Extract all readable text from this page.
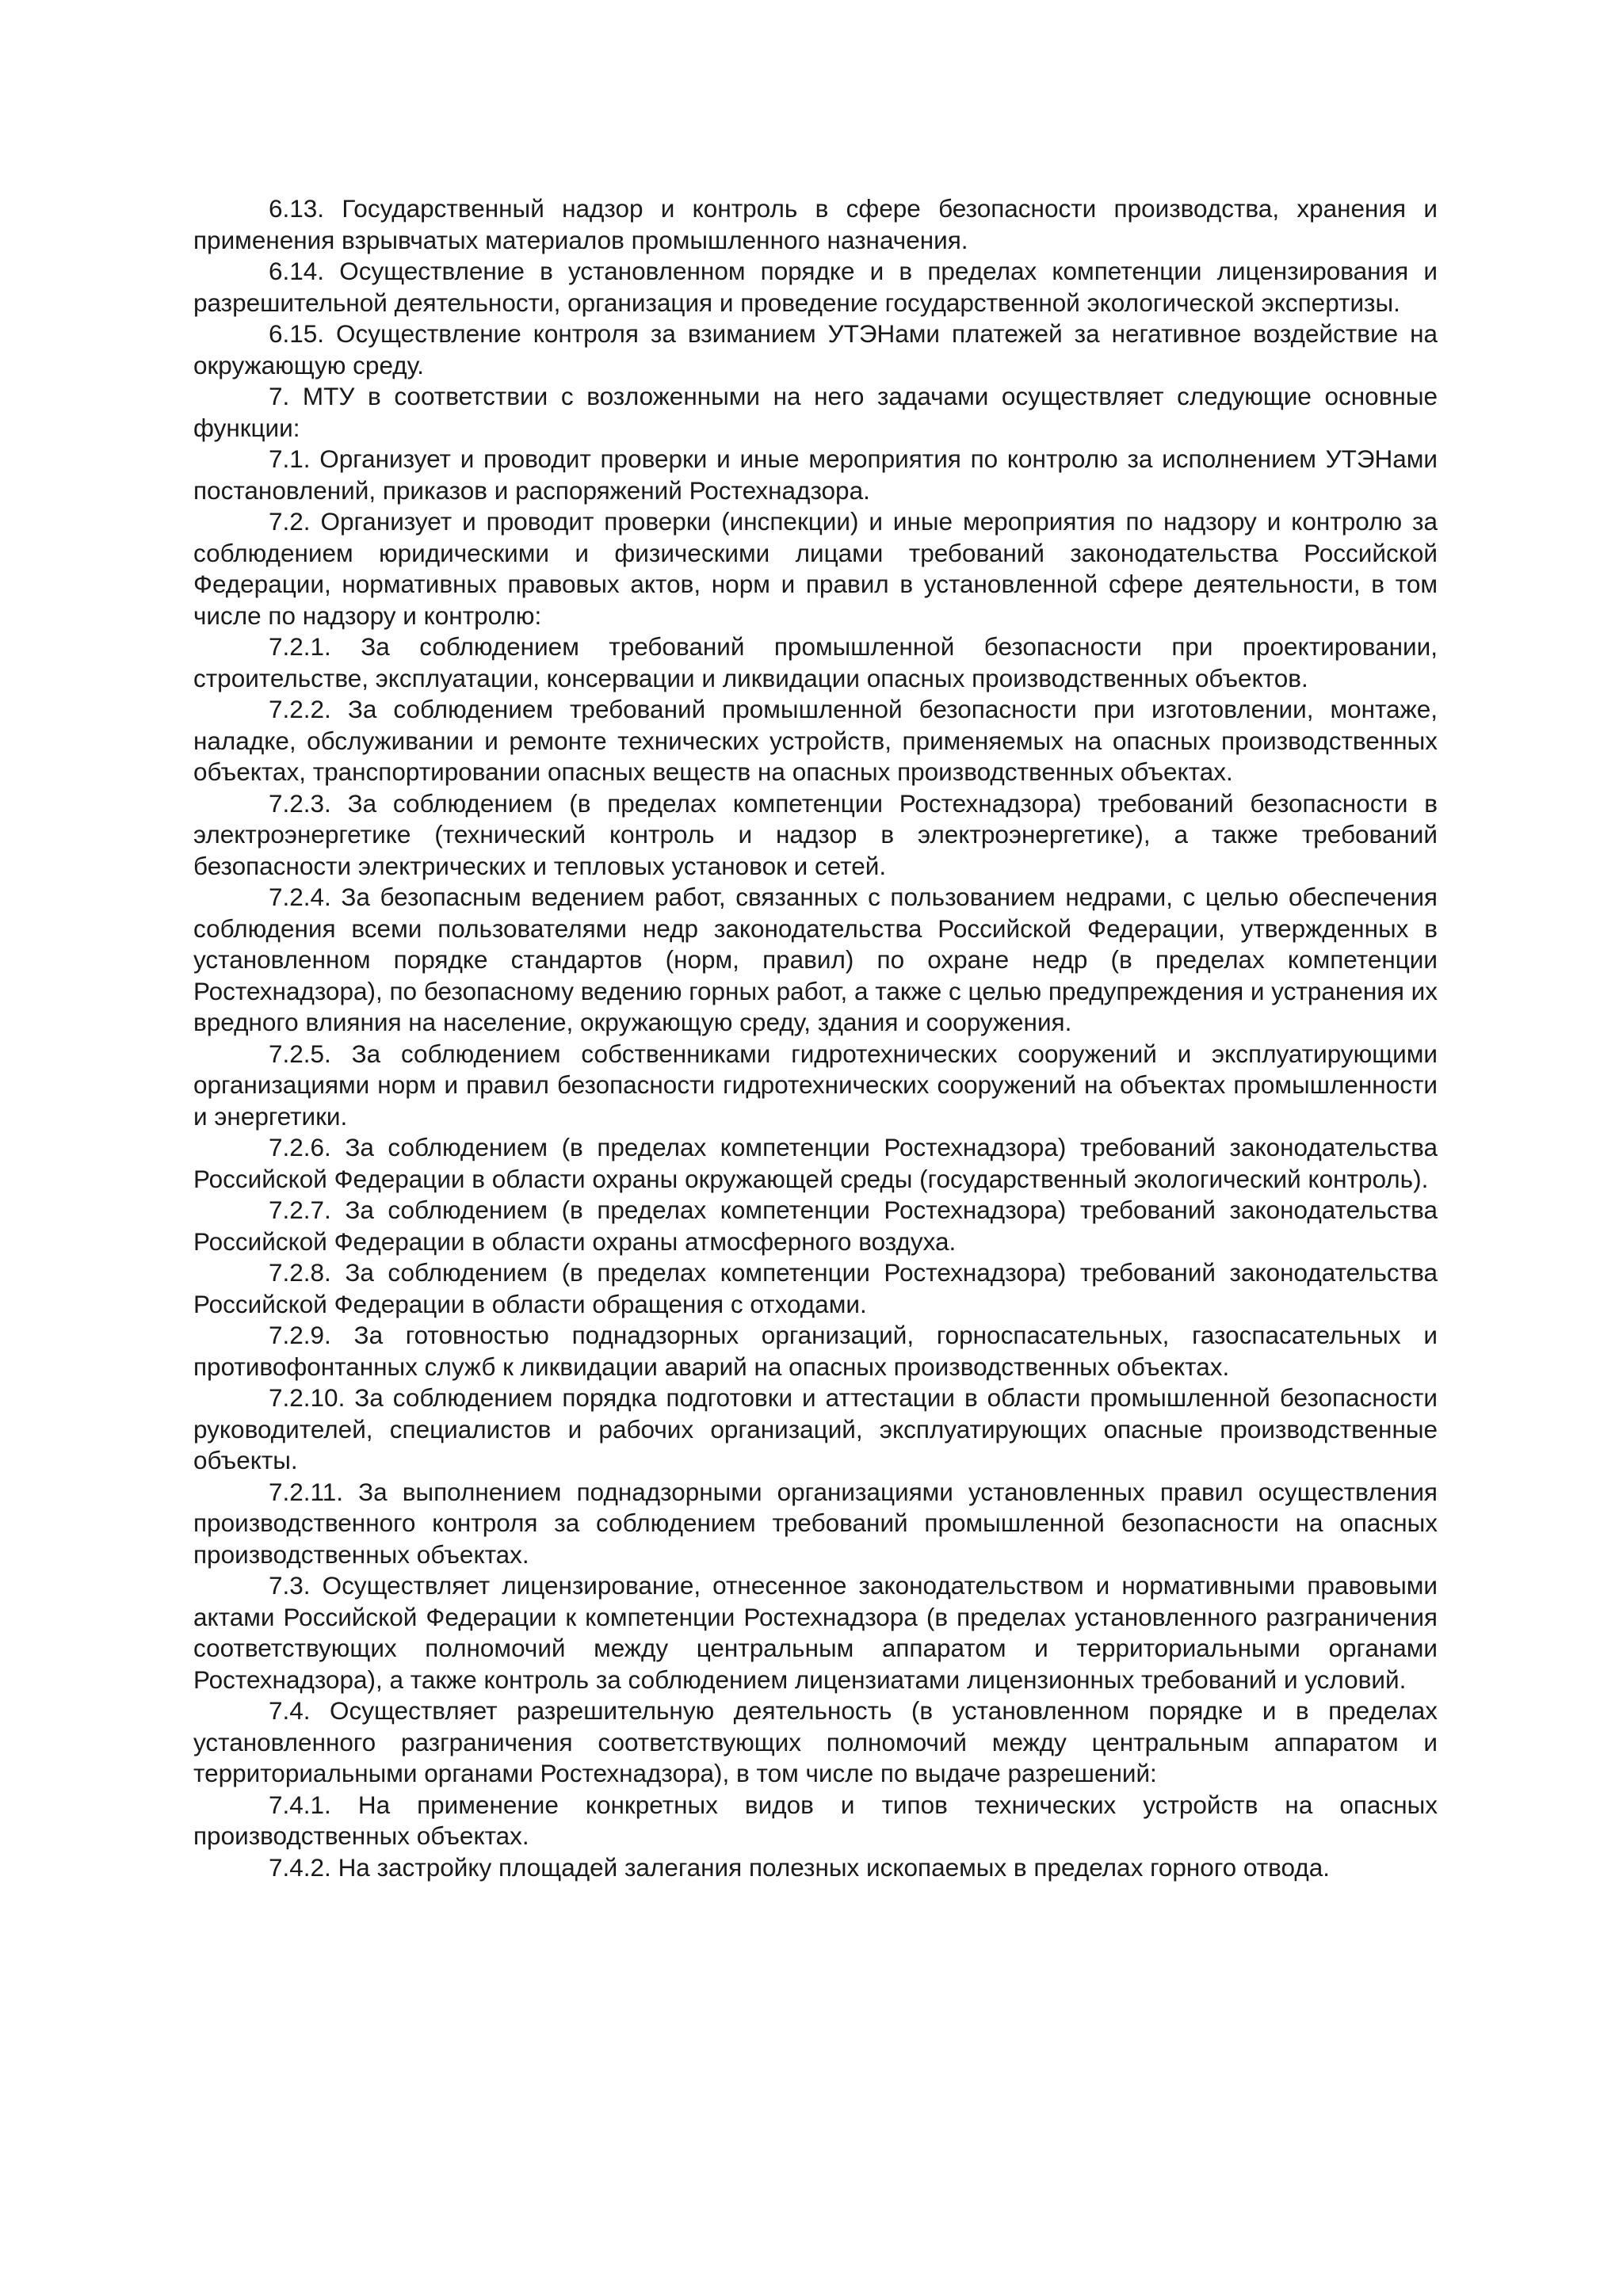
6.13. Государственный надзор и контроль в сфере безопасности производства, хранения и применения взрывчатых материалов промышленного назначения.

6.14. Осуществление в установленном порядке и в пределах компетенции лицензирования и разрешительной деятельности, организация и проведение государственной экологической экспертизы.

6.15. Осуществление контроля за взиманием УТЭНами платежей за негативное воздействие на окружающую среду.

7. МТУ в соответствии с возложенными на него задачами осуществляет следующие основные функции:

7.1. Организует и проводит проверки и иные мероприятия по контролю за исполнением УТЭНами постановлений, приказов и распоряжений Ростехнадзора.

7.2. Организует и проводит проверки (инспекции) и иные мероприятия по надзору и контролю за соблюдением юридическими и физическими лицами требований законодательства Российской Федерации, нормативных правовых актов, норм и правил в установленной сфере деятельности, в том числе по надзору и контролю:

7.2.1. За соблюдением требований промышленной безопасности при проектировании, строительстве, эксплуатации, консервации и ликвидации опасных производственных объектов.

7.2.2. За соблюдением требований промышленной безопасности при изготовлении, монтаже, наладке, обслуживании и ремонте технических устройств, применяемых на опасных производственных объектах, транспортировании опасных веществ на опасных производственных объектах.

7.2.3. За соблюдением (в пределах компетенции Ростехнадзора) требований безопасности в электроэнергетике (технический контроль и надзор в электроэнергетике), а также требований безопасности электрических и тепловых установок и сетей.

7.2.4. За безопасным ведением работ, связанных с пользованием недрами, с целью обеспечения соблюдения всеми пользователями недр законодательства Российской Федерации, утвержденных в установленном порядке стандартов (норм, правил) по охране недр (в пределах компетенции Ростехнадзора), по безопасному ведению горных работ, а также с целью предупреждения и устранения их вредного влияния на население, окружающую среду, здания и сооружения.

7.2.5. За соблюдением собственниками гидротехнических сооружений и эксплуатирующими организациями норм и правил безопасности гидротехнических сооружений на объектах промышленности и энергетики.

7.2.6. За соблюдением (в пределах компетенции Ростехнадзора) требований законодательства Российской Федерации в области охраны окружающей среды (государственный экологический контроль).

7.2.7. За соблюдением (в пределах компетенции Ростехнадзора) требований законодательства Российской Федерации в области охраны атмосферного воздуха.

7.2.8. За соблюдением (в пределах компетенции Ростехнадзора) требований законодательства Российской Федерации в области обращения с отходами.

7.2.9. За готовностью поднадзорных организаций, горноспасательных, газоспасательных и противофонтанных служб к ликвидации аварий на опасных производственных объектах.

7.2.10. За соблюдением порядка подготовки и аттестации в области промышленной безопасности руководителей, специалистов и рабочих организаций, эксплуатирующих опасные производственные объекты.

7.2.11. За выполнением поднадзорными организациями установленных правил осуществления производственного контроля за соблюдением требований промышленной безопасности на опасных производственных объектах.

7.3. Осуществляет лицензирование, отнесенное законодательством и нормативными правовыми актами Российской Федерации к компетенции Ростехнадзора (в пределах установленного разграничения соответствующих полномочий между центральным аппаратом и территориальными органами Ростехнадзора), а также контроль за соблюдением лицензиатами лицензионных требований и условий.

7.4. Осуществляет разрешительную деятельность (в установленном порядке и в пределах установленного разграничения соответствующих полномочий между центральным аппаратом и территориальными органами Ростехнадзора), в том числе по выдаче разрешений:

7.4.1. На применение конкретных видов и типов технических устройств на опасных производственных объектах.

7.4.2. На застройку площадей залегания полезных ископаемых в пределах горного отвода.
